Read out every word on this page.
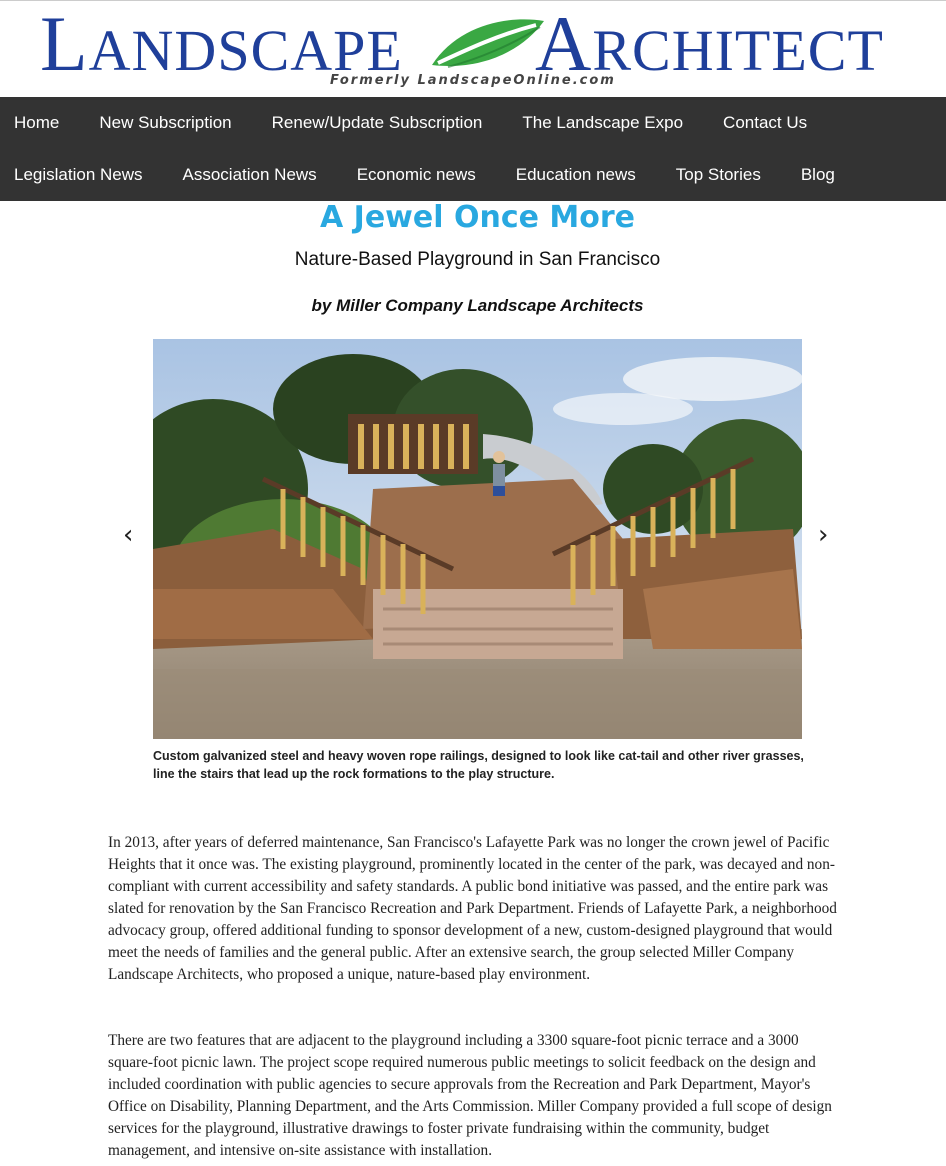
LANDSCAPE ARCHITECT
Formerly LandscapeOnline.com
Home	New Subscription	Renew/Update Subscription	The Landscape Expo	Contact Us
Legislation News	Association News	Economic news	Education news	Top Stories	Blog
A Jewel Once More
Nature-Based Playground in San Francisco
by Miller Company Landscape Architects
‹	›
Custom galvanized steel and heavy woven rope railings, designed to look like cat-tail and other river grasses, line the stairs that lead up the rock formations to the play structure.

In 2013, after years of deferred maintenance, San Francisco's Lafayette Park was no longer the crown jewel of Pacific Heights that it once was. The existing playground, prominently located in the center of the park, was decayed and non-compliant with current accessibility and safety standards. A public bond initiative was passed, and the entire park was slated for renovation by the San Francisco Recreation and Park Department. Friends of Lafayette Park, a neighborhood advocacy group, offered additional funding to sponsor development of a new, custom-designed playground that would meet the needs of families and the general public. After an extensive search, the group selected Miller Company Landscape Architects, who proposed a unique, nature-based play environment.

There are two features that are adjacent to the playground including a 3300 square-foot picnic terrace and a 3000 square-foot picnic lawn. The project scope required numerous public meetings to solicit feedback on the design and included coordination with public agencies to secure approvals from the Recreation and Park Department, Mayor's Office on Disability, Planning Department, and the Arts Commission. Miller Company provided a full scope of design services for the playground, illustrative drawings to foster private fundraising within the community, budget management, and intensive on-site assistance with installation.
